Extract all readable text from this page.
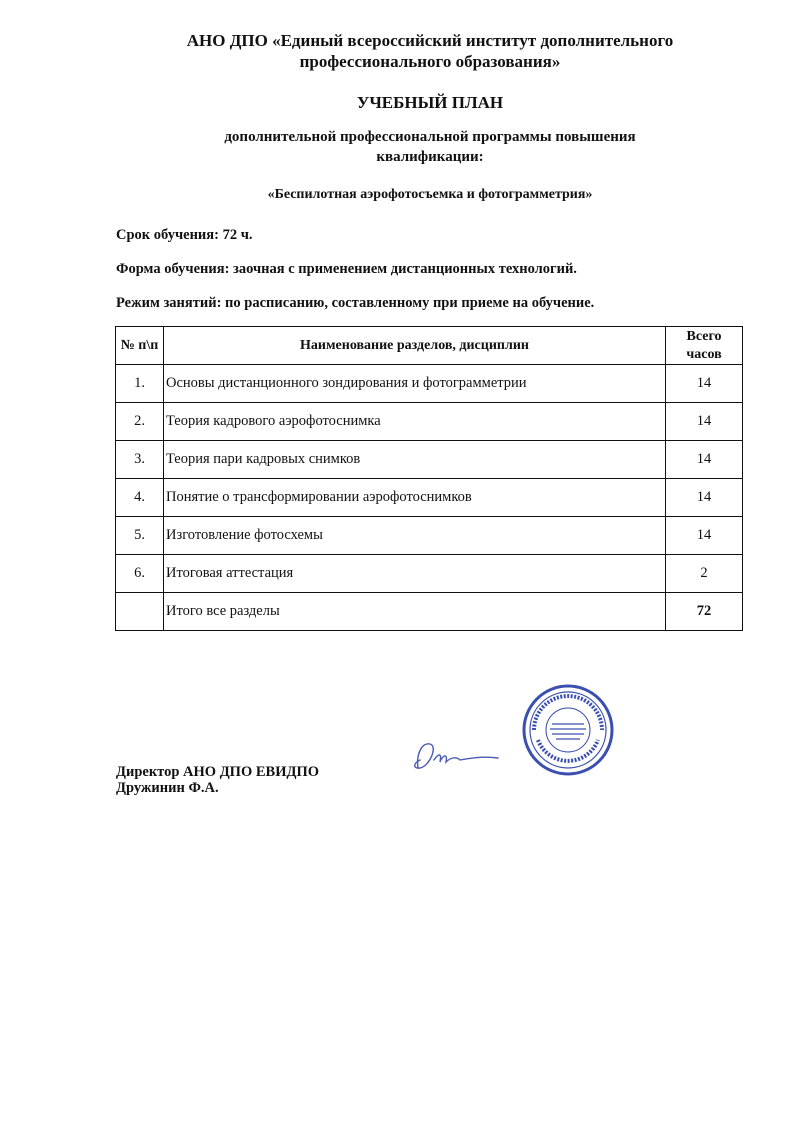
АНО ДПО «Единый всероссийский институт дополнительного
профессионального образования»
УЧЕБНЫЙ ПЛАН
дополнительной профессиональной программы повышения
квалификации:
«Беспилотная аэрофотосъемка и фотограмметрия»
Срок обучения: 72 ч.
Форма обучения: заочная с применением дистанционных технологий.
Режим занятий: по расписанию, составленному при приеме на обучение.
№ п\п	Наименование разделов, дисциплин	Всего
часов

1.	Основы дистанционного зондирования и фотограмметрии	14
2.	Теория кадрового аэрофотоснимка	14
3.	Теория пари кадровых снимков	14
4.	Понятие о трансформировании аэрофотоснимков	14
5.	Изготовление фотосхемы	14
6.	Итоговая аттестация	2
	Итого все разделы	72
Директор АНО ДПО ЕВИДПО
Дружинин Ф.А.
